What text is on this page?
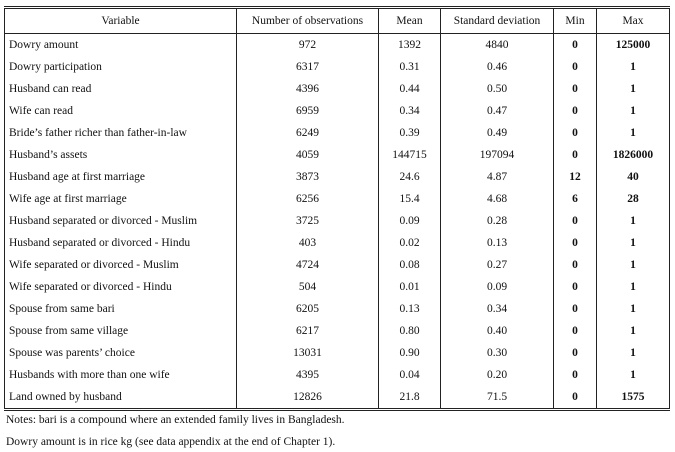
Variable	Number of observations	Mean	Standard deviation	Min	Max
Dowry amount	972	1392	4840	0	125000
Dowry participation	6317	0.31	0.46	0	1
Husband can read	4396	0.44	0.50	0	1
Wife can read	6959	0.34	0.47	0	1
Bride’s father richer than father-in-law	6249	0.39	0.49	0	1
Husband’s assets	4059	144715	197094	0	1826000
Husband age at first marriage	3873	24.6	4.87	12	40
Wife age at first marriage	6256	15.4	4.68	6	28
Husband separated or divorced - Muslim	3725	0.09	0.28	0	1
Husband separated or divorced - Hindu	403	0.02	0.13	0	1
Wife separated or divorced - Muslim	4724	0.08	0.27	0	1
Wife separated or divorced - Hindu	504	0.01	0.09	0	1
Spouse from same bari	6205	0.13	0.34	0	1
Spouse from same village	6217	0.80	0.40	0	1
Spouse was parents’ choice	13031	0.90	0.30	0	1
Husbands with more than one wife	4395	0.04	0.20	0	1
Land owned by husband	12826	21.8	71.5	0	1575
Notes: bari is a compound where an extended family lives in Bangladesh.
Dowry amount is in rice kg (see data appendix at the end of Chapter 1).
